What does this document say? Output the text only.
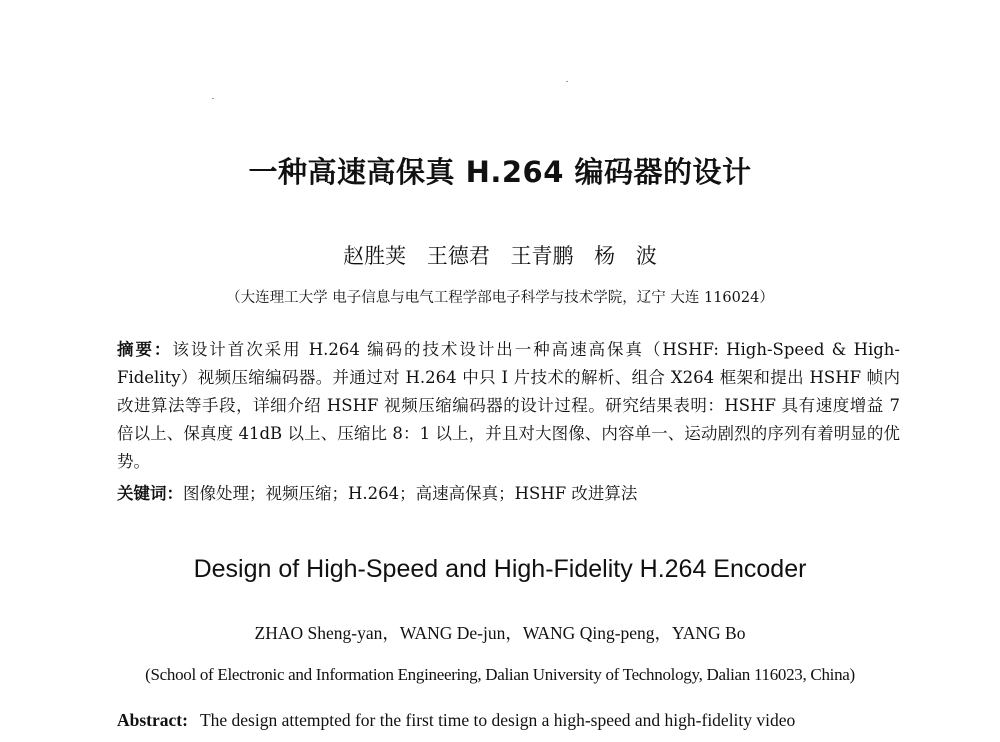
一种高速高保真 H.264 编码器的设计
赵胜荚 王德君 王青鹏 杨 波
（大连理工大学 电子信息与电气工程学部电子科学与技术学院，辽宁 大连 116024）
摘要：该设计首次采用 H.264 编码的技术设计出一种高速高保真（HSHF: High-Speed & High-Fidelity）视频压缩编码器。并通过对 H.264 中只 I 片技术的解析、组合 X264 框架和提出 HSHF 帧内改进算法等手段，详细介绍 HSHF 视频压缩编码器的设计过程。研究结果表明：HSHF 具有速度增益 7 倍以上、保真度 41dB 以上、压缩比 8：1 以上，并且对大图像、内容单一、运动剧烈的序列有着明显的优势。
关键词：图像处理；视频压缩；H.264；高速高保真；HSHF 改进算法
Design of High-Speed and High-Fidelity H.264 Encoder
ZHAO Sheng-yan，WANG De-jun，WANG Qing-peng，YANG Bo
(School of Electronic and Information Engineering, Dalian University of Technology, Dalian 116023, China)
Abstract: The design attempted for the first time to design a high-speed and high-fidelity video
